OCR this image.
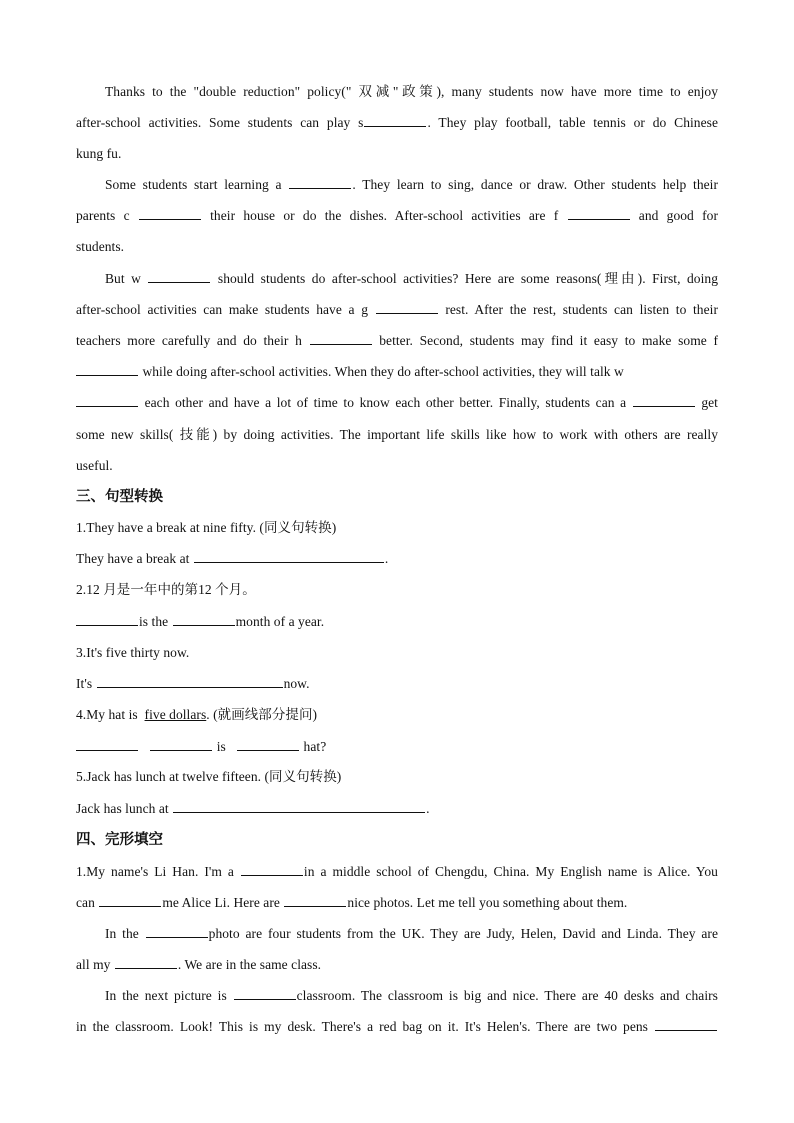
Thanks to the "double reduction" policy(" 双减"政策), many students now have more time to enjoy
after-school activities. Some students can play s	. They play football, table tennis or do Chinese
kung fu.
Some students start learning a	. They learn to sing, dance or draw. Other students help their
parents c	their house or do the dishes. After-school activities are f	and good for
students.
But w	should students do after-school activities? Here are some reasons(理由). First, doing
after-school activities can make students have a g	rest. After the rest, students can listen to their
teachers more carefully and do their h	better. Second, students may find it easy to make some f
while doing after-school activities. When they do after-school activities, they will talk w
each other and have a lot of time to know each other better. Finally, students can a	get
some new skills( 技能) by doing activities. The important life skills like how to work with others are really
useful.
三、句型转换
1.They have a break at nine fifty. (同义句转换)
They have a break at	.
2.12 月是一年中的第12 个月。
is the	month of a year.
3.It's five thirty now.
It's	now.
4.My hat is five dollars. (就画线部分提问)
is	hat?
5.Jack has lunch at twelve fifteen. (同义句转换)
Jack has lunch at	.
四、完形填空
1.My name's Li Han. I'm a	in a middle school of Chengdu, China. My English name is Alice. You
can	me Alice Li. Here are	nice photos. Let me tell you something about them.
In the	photo are four students from the UK. They are Judy, Helen, David and Linda. They are
all my	. We are in the same class.
In the next picture is	classroom. The classroom is big and nice. There are 40 desks and chairs
in the classroom. Look! This is my desk. There's a red bag on it. It's Helen's. There are two pens
